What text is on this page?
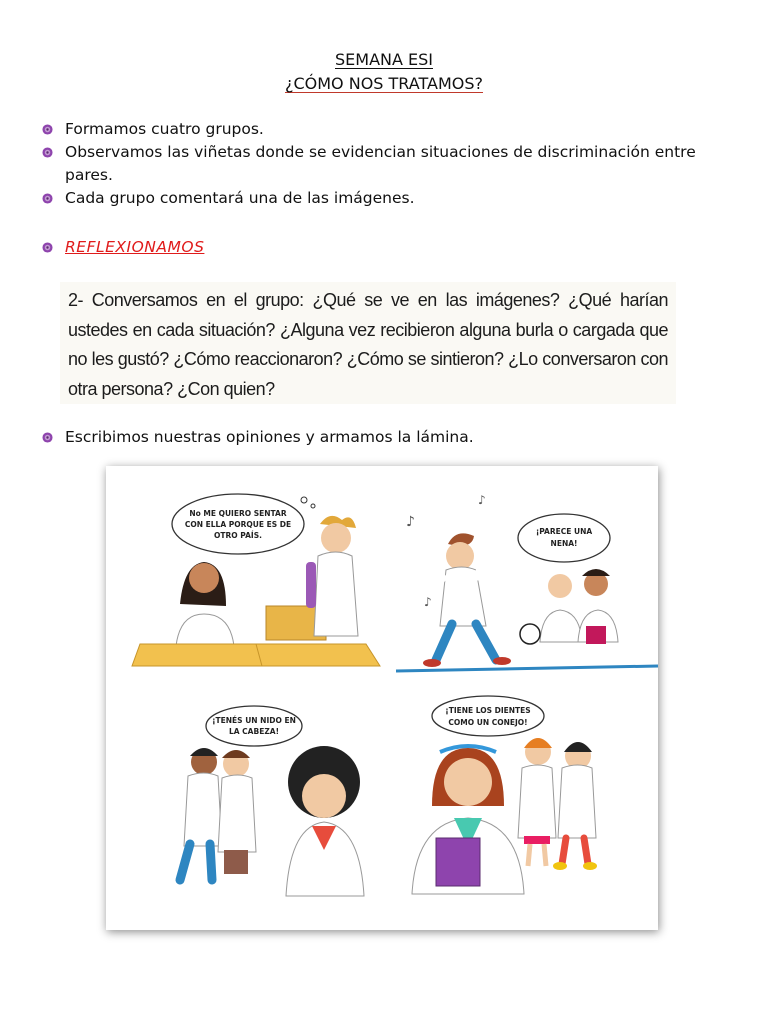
SEMANA ESI
¿CÓMO NOS TRATAMOS?
Formamos cuatro grupos.
Observamos las viñetas donde se evidencian situaciones de discriminación entre pares.
Cada grupo comentará una de las imágenes.
REFLEXIONAMOS

2- Conversamos en el grupo: ¿Qué se ve en las imágenes? ¿Qué harían ustedes en cada situación? ¿Alguna vez recibieron alguna burla o cargada que no les gustó? ¿Cómo reaccionaron? ¿Cómo se sintieron? ¿Lo conversaron con otra persona? ¿Con quien?

Escribimos nuestras opiniones y armamos la lámina.
No ME QUIERO SENTAR
CON ELLA PORQUE ES DE
OTRO PAÍS.
♪
♪
♪
¡PARECE UNA
NENA!
¡TENÉS UN NIDO EN
LA CABEZA!
¡TIENE LOS DIENTES
COMO UN CONEJO!
